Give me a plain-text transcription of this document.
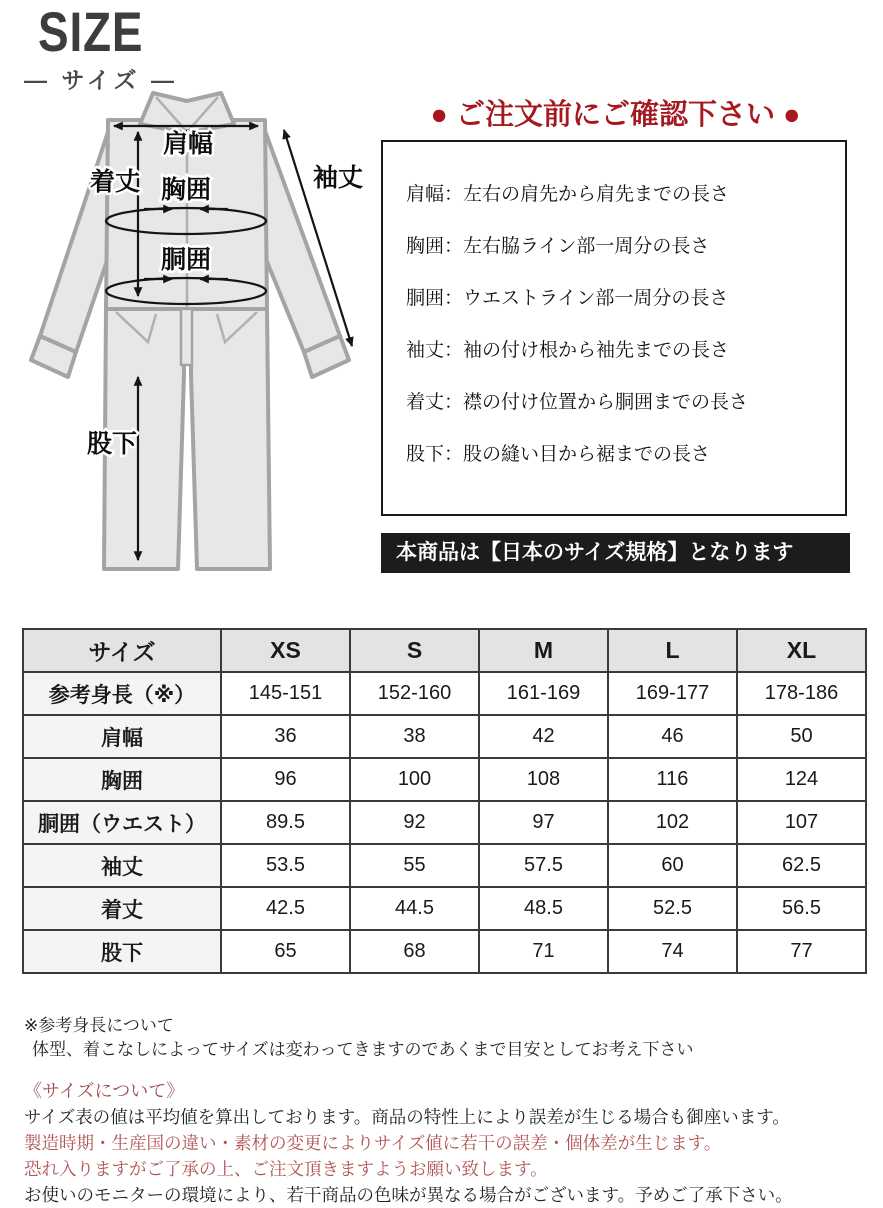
SIZE
— サイズ —
肩幅
着丈 胸囲
胴囲
袖丈
股下
● ご注文前にご確認下さい ●
肩幅：左右の肩先から肩先までの長さ
胸囲：左右脇ライン部一周分の長さ
胴囲：ウエストライン部一周分の長さ
袖丈：袖の付け根から袖先までの長さ
着丈：襟の付け位置から胴囲までの長さ
股下：股の縫い目から裾までの長さ
本商品は【日本のサイズ規格】となります
サイズ	XS	S	M	L	XL
参考身長（※）	145-151	152-160	161-169	169-177	178-186
肩幅	36	38	42	46	50
胸囲	96	100	108	116	124
胴囲（ウエスト）	89.5	92	97	102	107
袖丈	53.5	55	57.5	60	62.5
着丈	42.5	44.5	48.5	52.5	56.5
股下	65	68	71	74	77
※参考身長について
体型、着こなしによってサイズは変わってきますのであくまで目安としてお考え下さい
《サイズについて》
サイズ表の値は平均値を算出しております。商品の特性上により誤差が生じる場合も御座います。
製造時期・生産国の違い・素材の変更によりサイズ値に若干の誤差・個体差が生じます。
恐れ入りますがご了承の上、ご注文頂きますようお願い致します。
お使いのモニターの環境により、若干商品の色味が異なる場合がございます。予めご了承下さい。
